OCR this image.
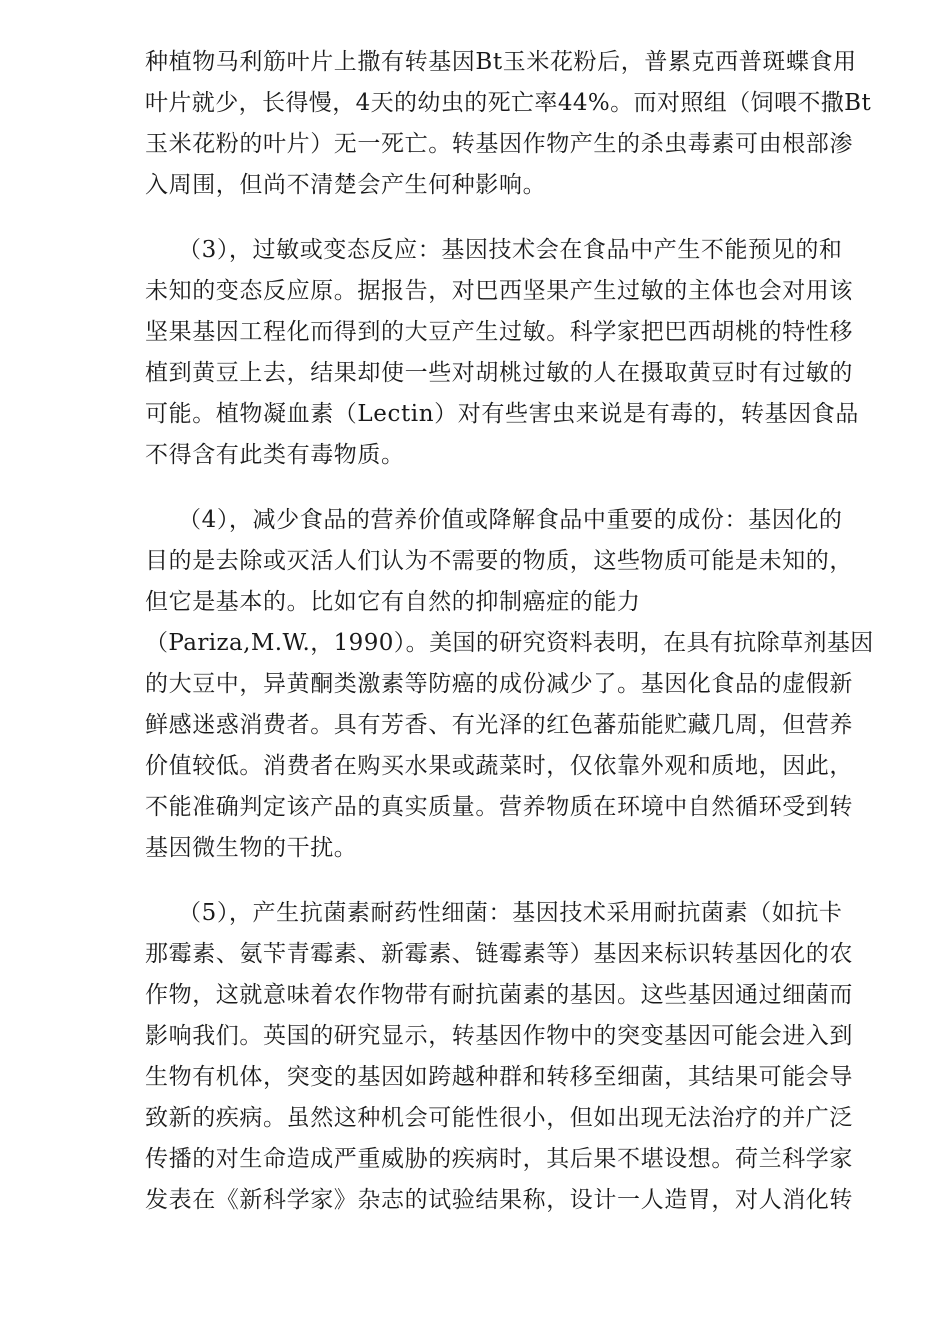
种植物马利筋叶片上撒有转基因Bt玉米花粉后，普累克西普斑蝶食用
叶片就少，长得慢，4天的幼虫的死亡率44%。而对照组（饲喂不撒Bt
玉米花粉的叶片）无一死亡。转基因作物产生的杀虫毒素可由根部渗
入周围，但尚不清楚会产生何种影响。
（3），过敏或变态反应：基因技术会在食品中产生不能预见的和
未知的变态反应原。据报告，对巴西坚果产生过敏的主体也会对用该
坚果基因工程化而得到的大豆产生过敏。科学家把巴西胡桃的特性移
植到黄豆上去，结果却使一些对胡桃过敏的人在摄取黄豆时有过敏的
可能。植物凝血素（Lectin）对有些害虫来说是有毒的，转基因食品
不得含有此类有毒物质。
（4），减少食品的营养价值或降解食品中重要的成份：基因化的
目的是去除或灭活人们认为不需要的物质，这些物质可能是未知的，
但它是基本的。比如它有自然的抑制癌症的能力
（Pariza,M.W.，1990）。美国的研究资料表明，在具有抗除草剂基因
的大豆中，异黄酮类激素等防癌的成份减少了。基因化食品的虚假新
鲜感迷惑消费者。具有芳香、有光泽的红色蕃茄能贮藏几周，但营养
价值较低。消费者在购买水果或蔬菜时，仅依靠外观和质地，因此，
不能准确判定该产品的真实质量。营养物质在环境中自然循环受到转
基因微生物的干扰。
（5），产生抗菌素耐药性细菌：基因技术采用耐抗菌素（如抗卡
那霉素、氨苄青霉素、新霉素、链霉素等）基因来标识转基因化的农
作物，这就意味着农作物带有耐抗菌素的基因。这些基因通过细菌而
影响我们。英国的研究显示，转基因作物中的突变基因可能会进入到
生物有机体，突变的基因如跨越种群和转移至细菌，其结果可能会导
致新的疾病。虽然这种机会可能性很小，但如出现无法治疗的并广泛
传播的对生命造成严重威胁的疾病时，其后果不堪设想。荷兰科学家
发表在《新科学家》杂志的试验结果称，设计一人造胃，对人消化转
